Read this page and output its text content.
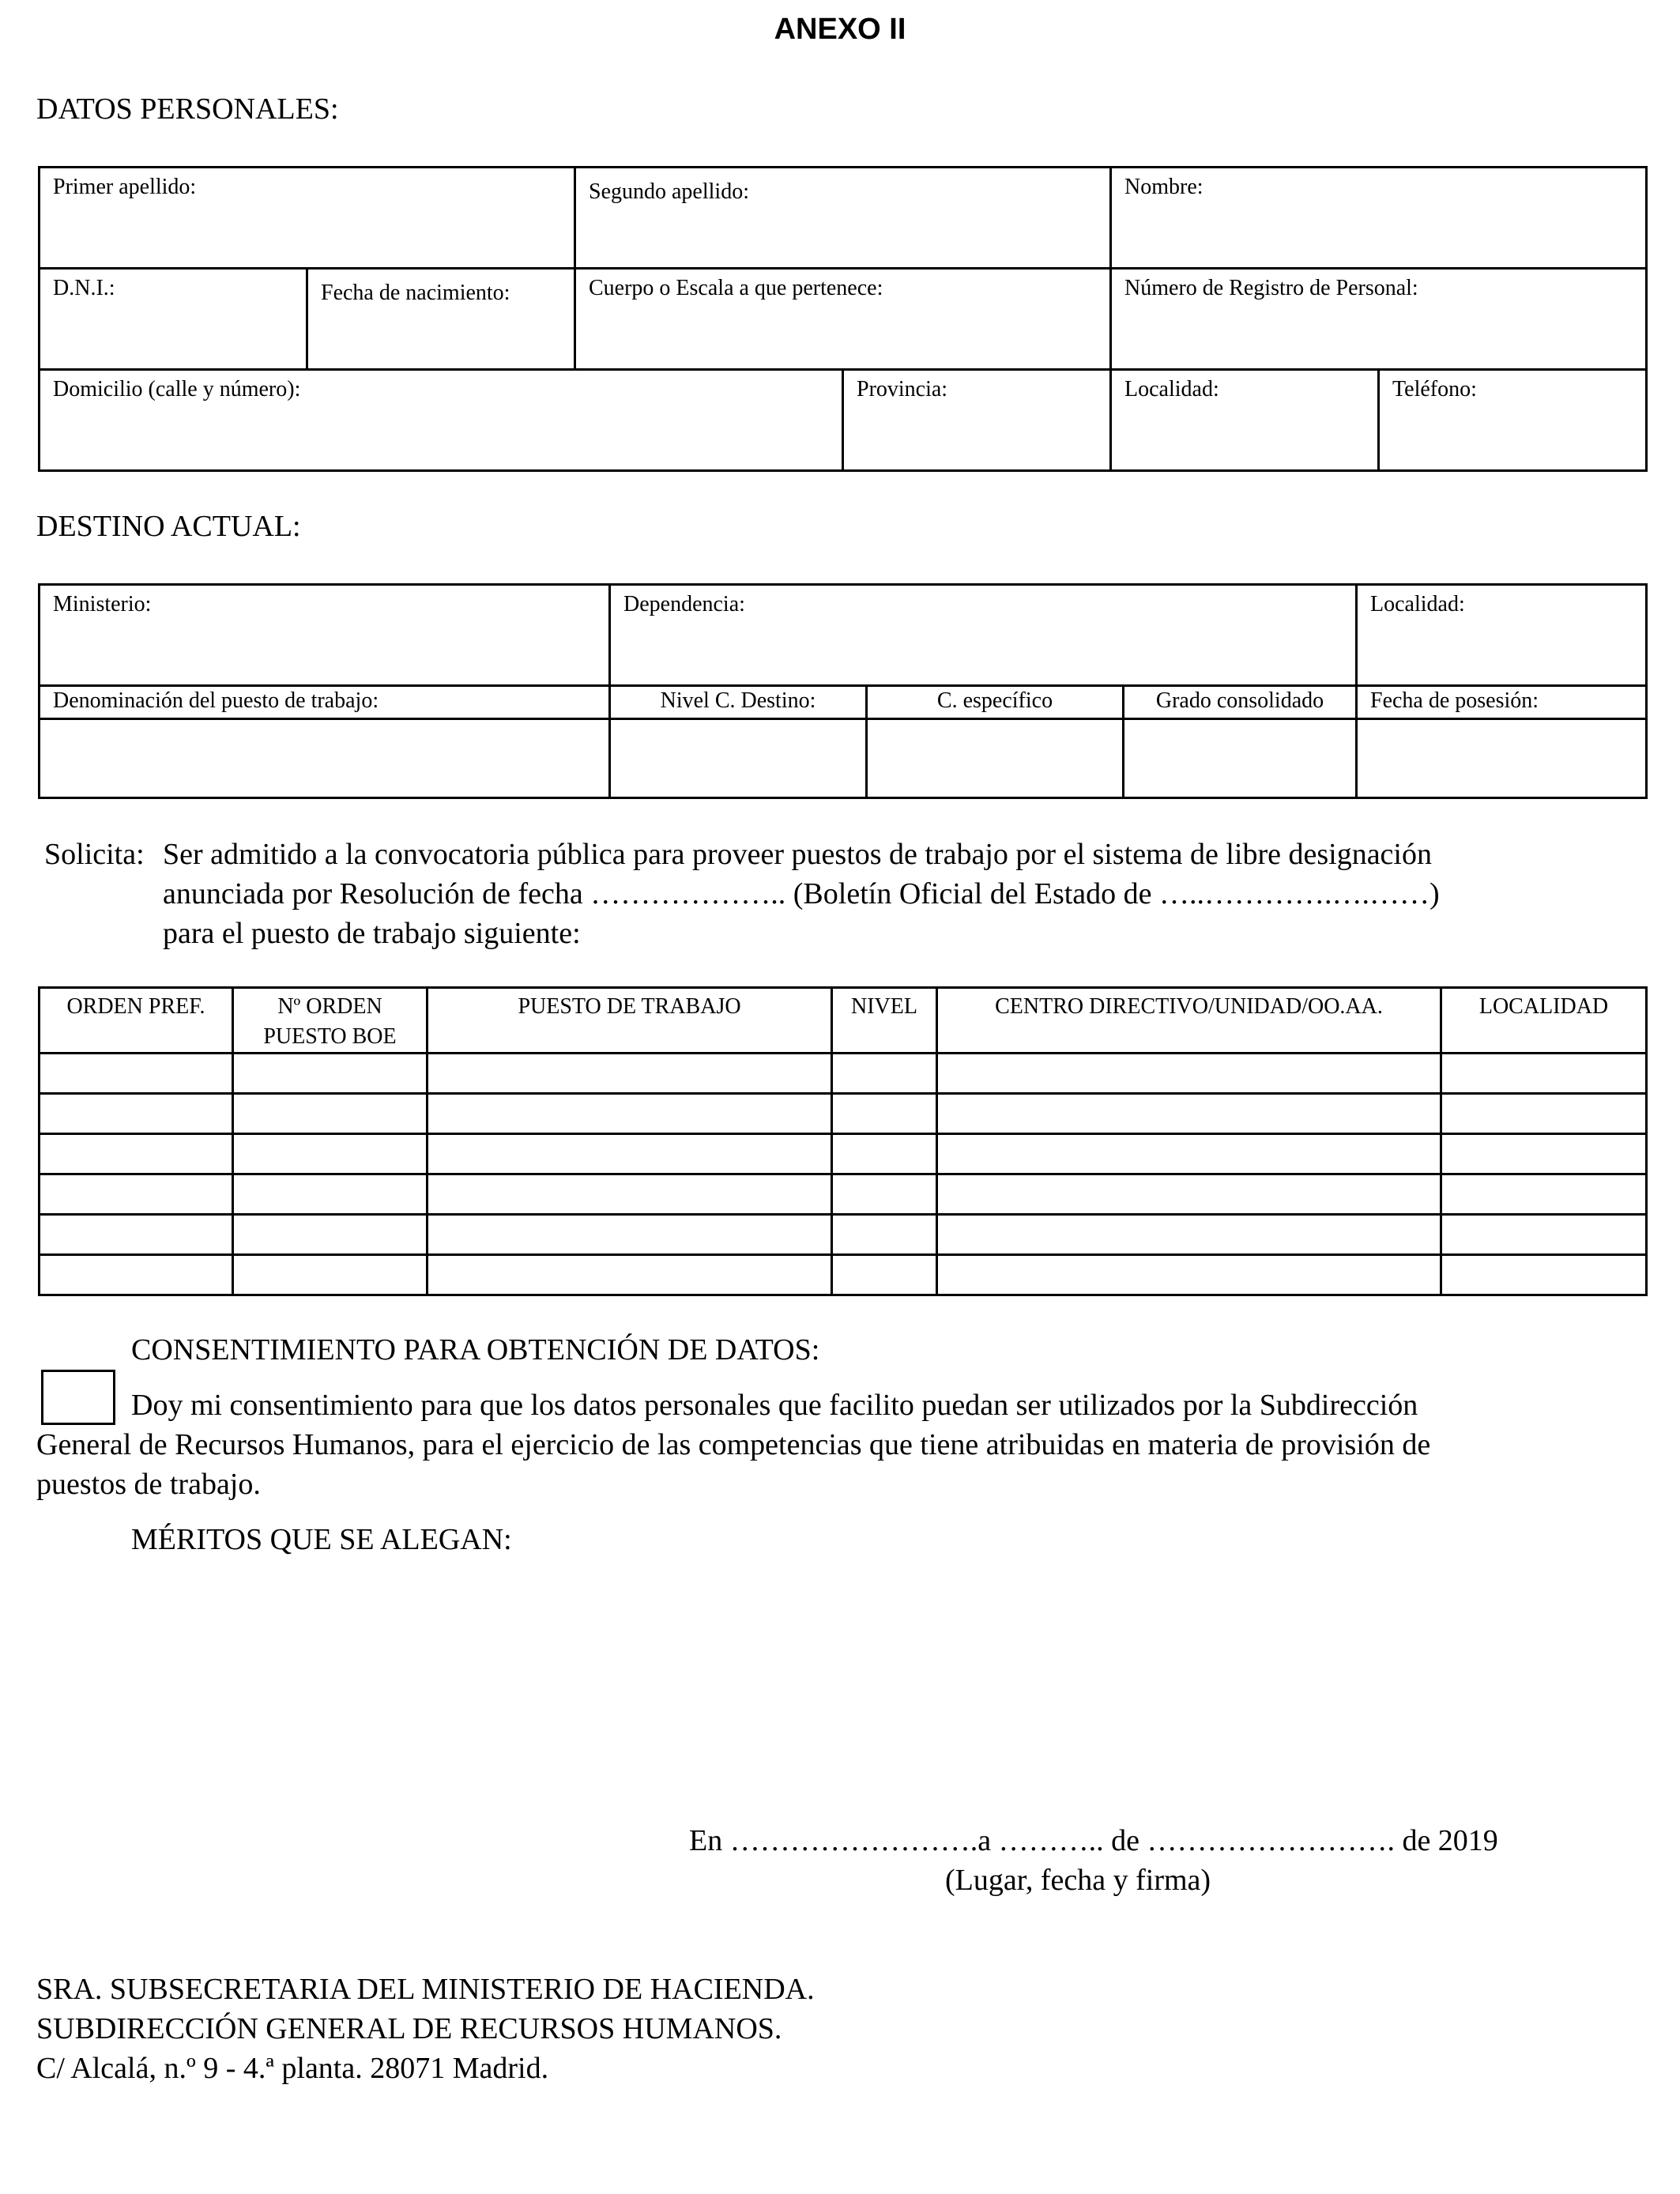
ANEXO II
DATOS PERSONALES:
Primer apellido:		Segundo apellido:		Nombre:	

D.N.I.:	Fecha de nacimiento:	Cuerpo o Escala a que pertenece:		Número de Registro de Personal:	

Domicilio (calle y número):			Provincia:	Localidad:	Teléfono:
DESTINO ACTUAL:
Ministerio:	Dependencia:			Localidad:

Denominación del puesto de trabajo:	Nivel C. Destino:	C. específico	Grado consolidado	Fecha de posesión:

Solicita: Ser admitido a la convocatoria pública para proveer puestos de trabajo por el sistema de libre designación
anunciada por Resolución de fecha ……………….. (Boletín Oficial del Estado de …..………….….……)
para el puesto de trabajo siguiente:
ORDEN PREF.	Nº ORDEN PUESTO BOE	PUESTO DE TRABAJO	NIVEL	CENTRO DIRECTIVO/UNIDAD/OO.AA.	LOCALIDAD

CONSENTIMIENTO PARA OBTENCIÓN DE DATOS:
Doy mi consentimiento para que los datos personales que facilito puedan ser utilizados por la Subdirección
General de Recursos Humanos, para el ejercicio de las competencias que tiene atribuidas en materia de provisión de
puestos de trabajo.
MÉRITOS QUE SE ALEGAN:
En …………………….a ……….. de ……………………. de 2019
(Lugar, fecha y firma)
SRA. SUBSECRETARIA DEL MINISTERIO DE HACIENDA.
SUBDIRECCIÓN GENERAL DE RECURSOS HUMANOS.
C/ Alcalá, n.º 9 - 4.ª planta. 28071 Madrid.
